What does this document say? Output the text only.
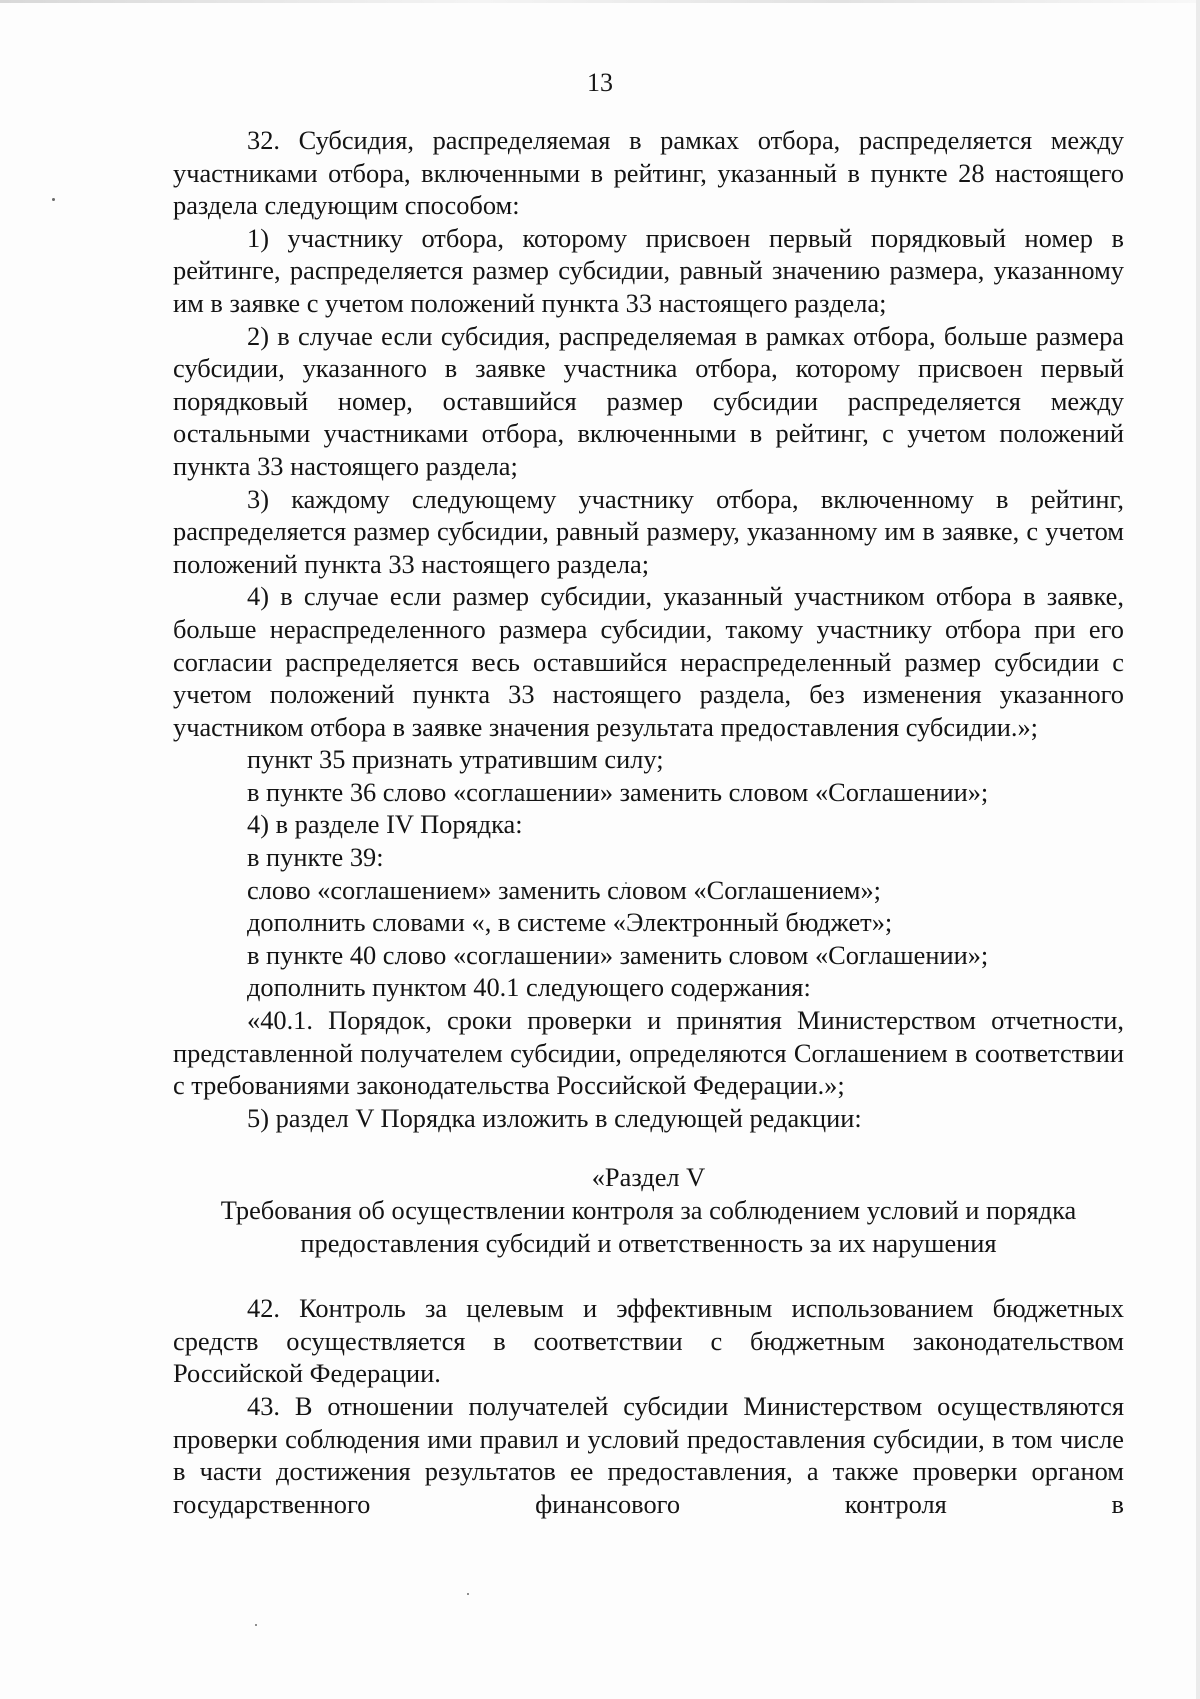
13

32. Субсидия, распределяемая в рамках отбора, распределяется между участниками отбора, включенными в рейтинг, указанный в пункте 28 настоящего раздела следующим способом:

1) участнику отбора, которому присвоен первый порядковый номер в рейтинге, распределяется размер субсидии, равный значению размера, указанному им в заявке с учетом положений пункта 33 настоящего раздела;

2) в случае если субсидия, распределяемая в рамках отбора, больше размера субсидии, указанного в заявке участника отбора, которому присвоен первый порядковый номер, оставшийся размер субсидии распределяется между остальными участниками отбора, включенными в рейтинг, с учетом положений пункта 33 настоящего раздела;

3) каждому следующему участнику отбора, включенному в рейтинг, распределяется размер субсидии, равный размеру, указанному им в заявке, с учетом положений пункта 33 настоящего раздела;

4) в случае если размер субсидии, указанный участником отбора в заявке, больше нераспределенного размера субсидии, такому участнику отбора при его согласии распределяется весь оставшийся нераспределенный размер субсидии с учетом положений пункта 33 настоящего раздела, без изменения указанного участником отбора в заявке значения результата предоставления субсидии.»;

пункт 35 признать утратившим силу;

в пункте 36 слово «соглашении» заменить словом «Соглашении»;

4) в разделе IV Порядка:

в пункте 39:

слово «соглашением» заменить словом «Соглашением»;

дополнить словами «, в системе «Электронный бюджет»;

в пункте 40 слово «соглашении» заменить словом «Соглашении»;

дополнить пунктом 40.1 следующего содержания:

«40.1. Порядок, сроки проверки и принятия Министерством отчетности, представленной получателем субсидии, определяются Соглашением в соответствии с требованиями законодательства Российской Федерации.»;

5) раздел V Порядка изложить в следующей редакции:

«Раздел V

Требования об осуществлении контроля за соблюдением условий и порядка

предоставления субсидий и ответственность за их нарушения

42. Контроль за целевым и эффективным использованием бюджетных средств осуществляется в соответствии с бюджетным законодательством Российской Федерации.

43. В отношении получателей субсидии Министерством осуществляются проверки соблюдения ими правил и условий предоставления субсидии, в том числе в части достижения результатов ее предоставления, а также проверки органом государственного финансового контроля в
